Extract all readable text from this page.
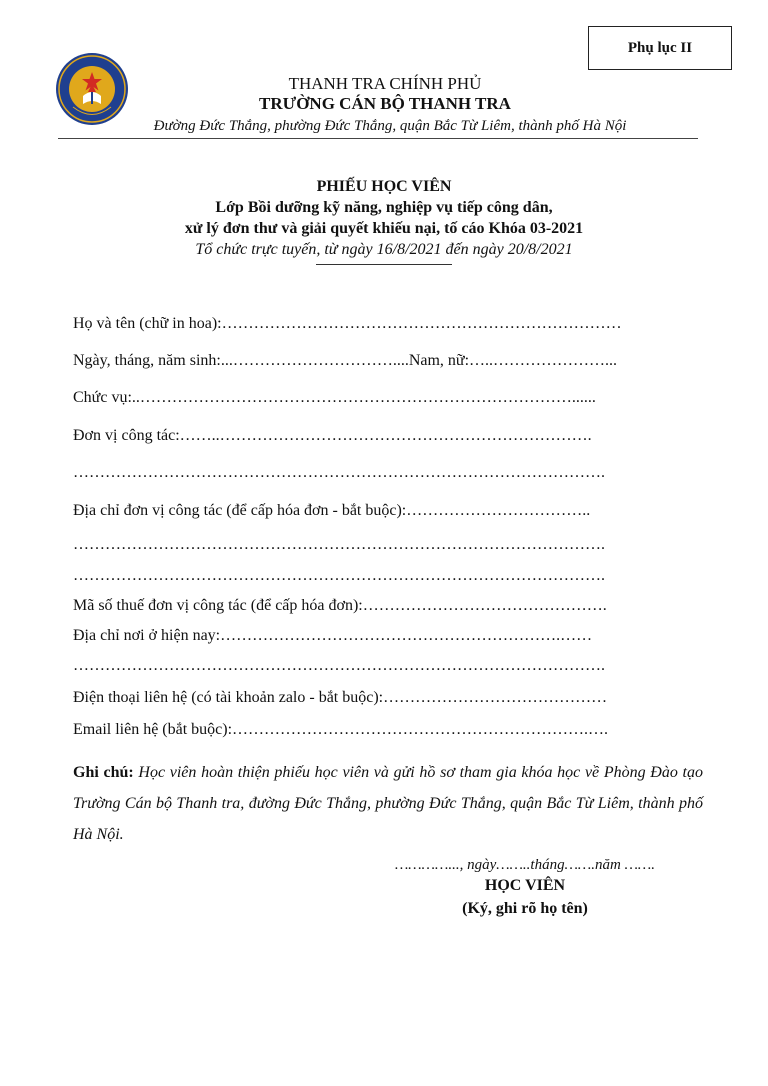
Phụ lục II
THANH TRA CHÍNH PHỦ
TRƯỜNG CÁN BỘ THANH TRA
Đường Đức Thắng, phường Đức Thắng, quận Bắc Từ Liêm, thành phố Hà Nội
PHIẾU HỌC VIÊN
Lớp Bồi dưỡng kỹ năng, nghiệp vụ tiếp công dân,
xử lý đơn thư và giải quyết khiếu nại, tố cáo Khóa 03-2021
Tổ chức trực tuyến, từ ngày 16/8/2021 đến ngày 20/8/2021
Họ và tên (chữ in hoa):…………………………………………………………………
Ngày, tháng, năm sinh:...…………………………....Nam, nữ:…..…………………...
Chức vụ:..………………………………………………………………………......
Đơn vị công tác:……..…………………………………………………………….
……………………………………………………………………………………….
Địa chỉ đơn vị công tác (để cấp hóa đơn - bắt buộc):……………………………..
……………………………………………………………………………………….
……………………………………………………………………………………….
Mã số thuế đơn vị công tác (để cấp hóa đơn):……………………………………….
Địa chỉ nơi ở hiện nay:……………………………………………………….……
……………………………………………………………………………………….
Điện thoại liên hệ (có tài khoản zalo - bắt buộc):……………………………………
Email liên hệ (bắt buộc):………………………………………………………….….
Ghi chú: Học viên hoàn thiện phiếu học viên và gửi hồ sơ tham gia khóa học về Phòng Đào tạo Trường Cán bộ Thanh tra, đường Đức Thắng, phường Đức Thắng, quận Bắc Từ Liêm, thành phố Hà Nội.
…………..., ngày……..tháng…….năm …….
HỌC VIÊN
(Ký, ghi rõ họ tên)
